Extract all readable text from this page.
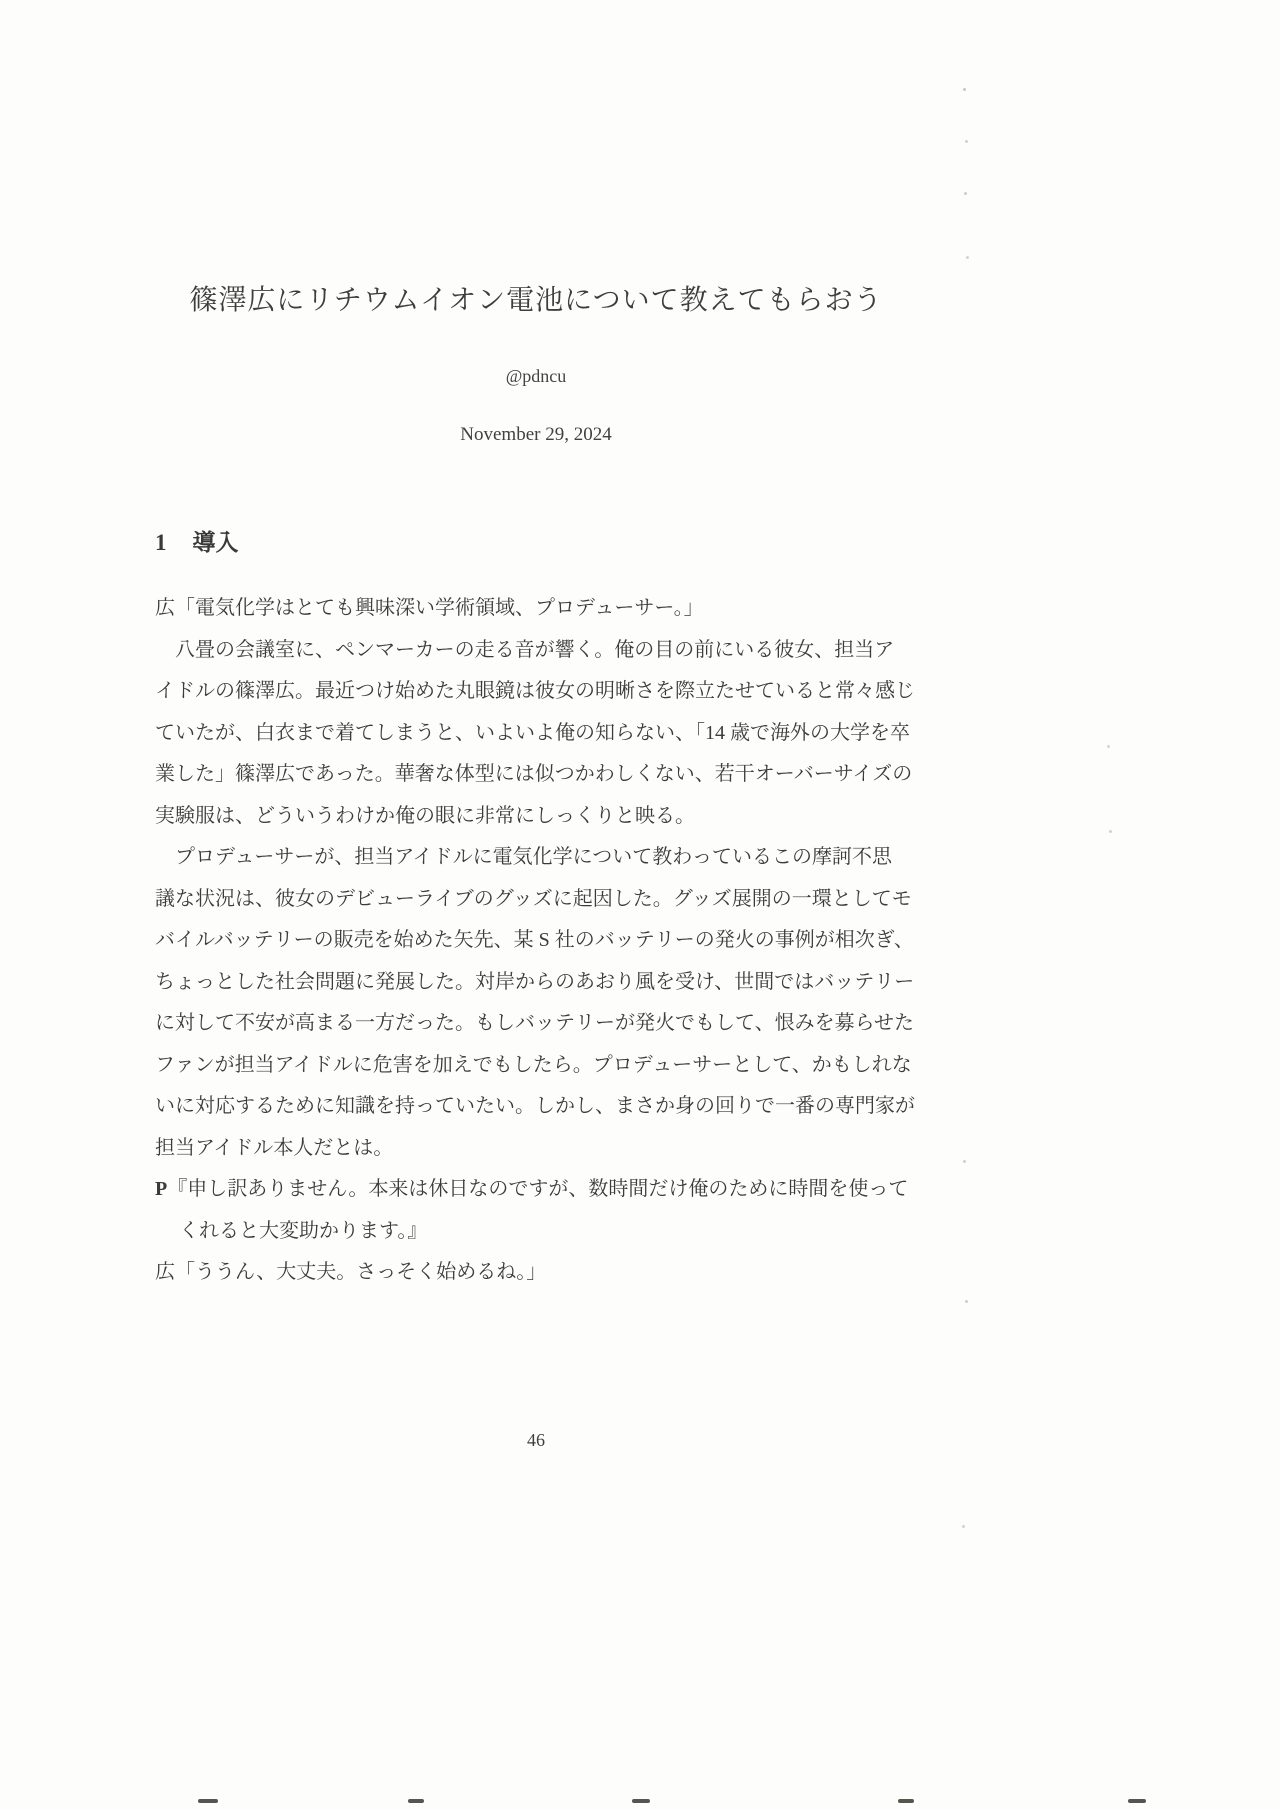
篠澤広にリチウムイオン電池について教えてもらおう
@pdncu
November 29, 2024
1 導入
広「電気化学はとても興味深い学術領域、プロデューサー。」
八畳の会議室に、ペンマーカーの走る音が響く。俺の目の前にいる彼女、担当ア
イドルの篠澤広。最近つけ始めた丸眼鏡は彼女の明晰さを際立たせていると常々感じ
ていたが、白衣まで着てしまうと、いよいよ俺の知らない、「14 歳で海外の大学を卒
業した」篠澤広であった。華奢な体型には似つかわしくない、若干オーバーサイズの
実験服は、どういうわけか俺の眼に非常にしっくりと映る。
プロデューサーが、担当アイドルに電気化学について教わっているこの摩訶不思
議な状況は、彼女のデビューライブのグッズに起因した。グッズ展開の一環としてモ
バイルバッテリーの販売を始めた矢先、某 S 社のバッテリーの発火の事例が相次ぎ、
ちょっとした社会問題に発展した。対岸からのあおり風を受け、世間ではバッテリー
に対して不安が高まる一方だった。もしバッテリーが発火でもして、恨みを募らせた
ファンが担当アイドルに危害を加えでもしたら。プロデューサーとして、かもしれな
いに対応するために知識を持っていたい。しかし、まさか身の回りで一番の専門家が
担当アイドル本人だとは。
P『申し訳ありません。本来は休日なのですが、数時間だけ俺のために時間を使って
くれると大変助かります。』
広「ううん、大丈夫。さっそく始めるね。」
46
